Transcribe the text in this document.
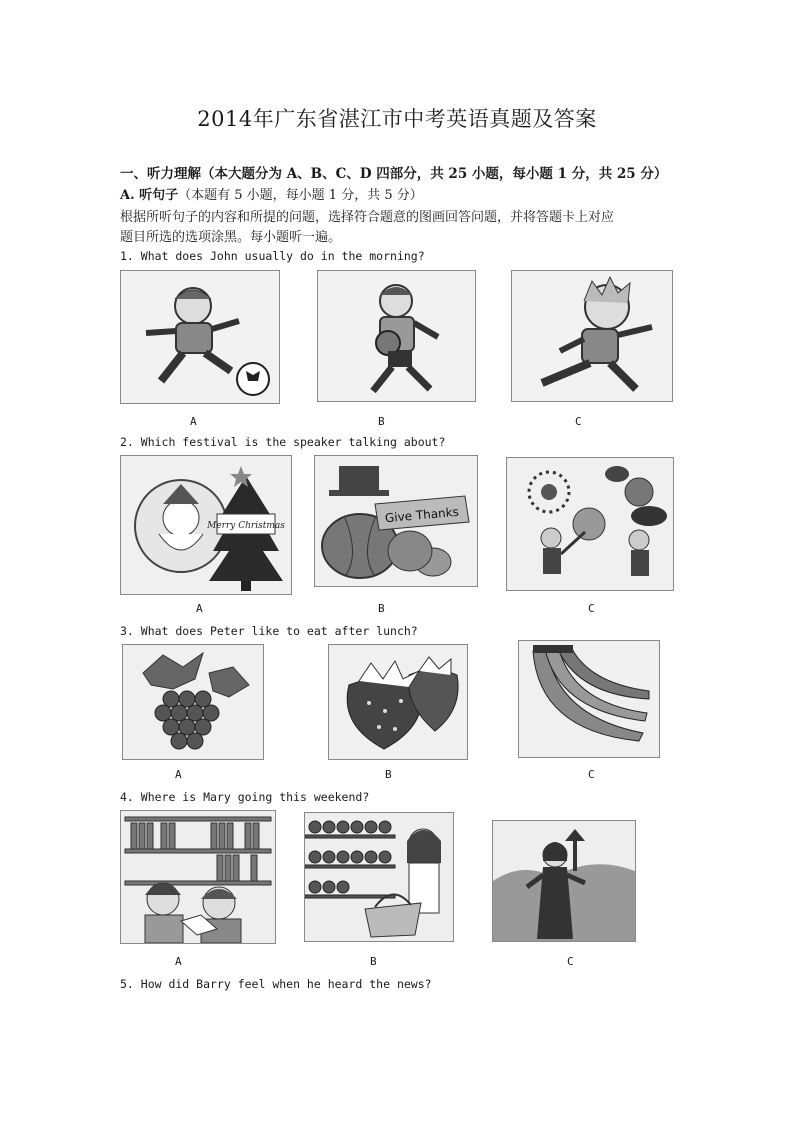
2014年广东省湛江市中考英语真题及答案
一、听力理解（本大题分为 A、B、C、D 四部分，共 25 小题，每小题 1 分，共 25 分）
A. 听句子（本题有 5 小题，每小题 1 分，共 5 分）
根据所听句子的内容和所提的问题，选择符合题意的图画回答问题，并将答题卡上对应
题目所选的选项涂黑。每小题听一遍。
1. What does John usually do in the morning?
A	B	C
2. Which festival is the speaker talking about?
Merry Christmas
Give Thanks
A	B	C
3. What does Peter like to eat after lunch?
A	B	C
4. Where is Mary going this weekend?
A	B	C
5. How did Barry feel when he heard the news?
